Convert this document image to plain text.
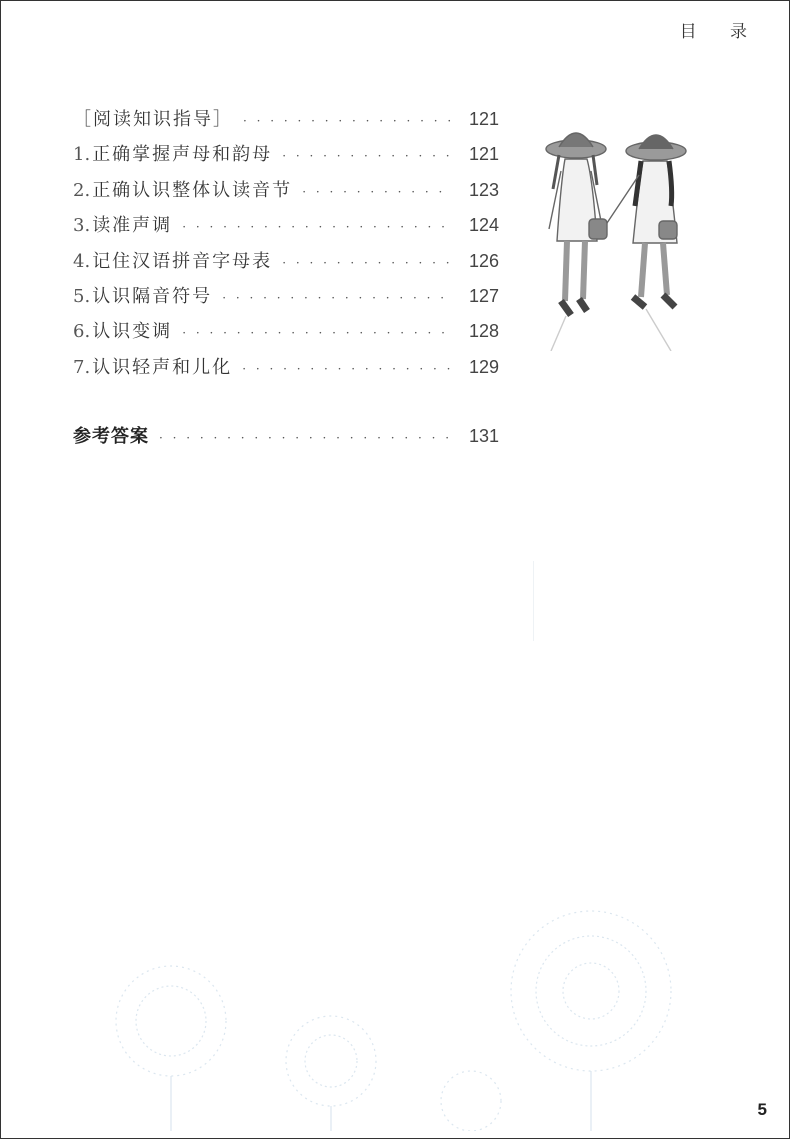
目 录
［阅读知识指导］ · · ·	121
1. 正确掌握声母和韵母 · · ·	121
2. 正确认识整体认读音节 · · ·	123
3. 读准声调 · · ·	124
4. 记住汉语拼音字母表 · · ·	126
5. 认识隔音符号 · · ·	127
6. 认识变调 · · ·	128
7. 认识轻声和儿化 · · ·	129
参考答案 · · ·	131
5
